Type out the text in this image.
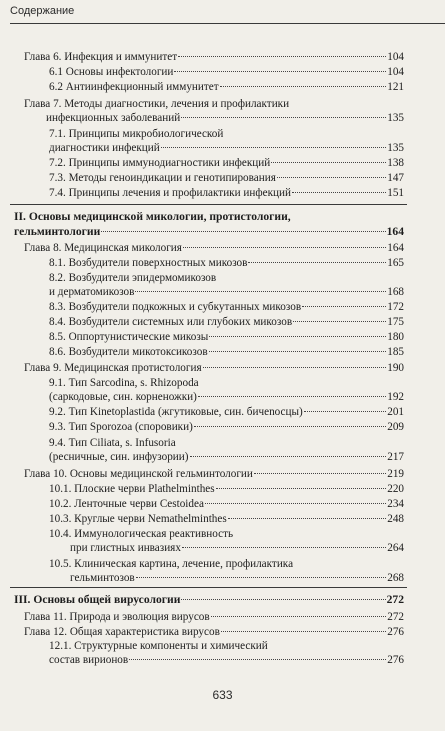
Содержание
Глава 6. Инфекция и иммунитет	104
6.1 Основы инфектологии	104
6.2 Антиинфекционный иммунитет	121
Глава 7. Методы диагностики, лечения и профилактики
инфекционных заболеваний	135
7.1. Принципы микробиологической
диагностики инфекций	135
7.2. Принципы иммунодиагностики инфекций	138
7.3. Методы геноиндикации и генотипирования	147
7.4. Принципы лечения и профилактики инфекций	151
II. Основы медицинской микологии, протистологии,
гельминтологии	164
Глава 8. Медицинская микология	164
8.1. Возбудители поверхностных микозов	165
8.2. Возбудители эпидермомикозов
и дерматомикозов	168
8.3. Возбудители подкожных и субкутанных микозов	172
8.4. Возбудители системных или глубоких микозов	175
8.5. Оппортунистические микозы	180
8.6. Возбудители микотоксикозов	185
Глава 9. Медицинская протистология	190
9.1. Тип Sarcodina, s. Rhizopoda
(саркодовые, син. корненожки)	192
9.2. Тип Kinetoplastida (жгутиковые, син. бичеnосцы)	201
9.3. Тип Sporozoa (споровики)	209
9.4. Тип Ciliata, s. Infusoria
(ресничные, син. инфузории)	217
Глава 10. Основы медицинской гельминтологии	219
10.1. Плоские черви Plathelminthes	220
10.2. Ленточные черви Cestoidea	234
10.3. Круглые черви Nemathelminthes	248
10.4. Иммунологическая реактивность
при глистных инвазиях	264
10.5. Клиническая картина, лечение, профилактика
гельминтозов	268
III. Основы общей вирусологии	272
Глава 11. Природа и эволюция вирусов	272
Глава 12. Общая характеристика вирусов	276
12.1. Структурные компоненты и химический
состав вирионов	276
633
